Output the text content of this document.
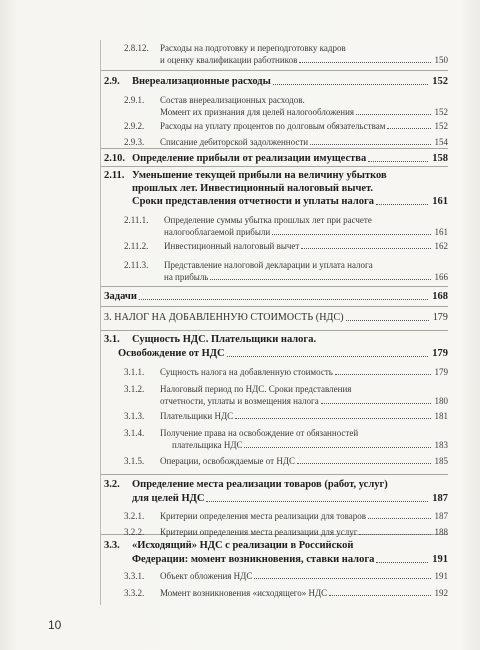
2.8.12.	Расходы на подготовку и переподготовку кадров
и оценку квалификации работников	150
2.9.	Внереализационные расходы	152
2.9.1.	Состав внереализационных расходов.
Момент их признания для целей налогообложения	152
2.9.2.	Расходы на уплату процентов по долговым обязательствам	152
2.9.3.	Списание дебиторской задолженности	154
2.10. Определение прибыли от реализации имущества	158
2.11. Уменьшение текущей прибыли на величину убытков
прошлых лет. Инвестиционный налоговый вычет.
Сроки представления отчетности и уплаты налога	161
2.11.1.	Определение суммы убытка прошлых лет при расчете
налогооблагаемой прибыли	161
2.11.2.	Инвестиционный налоговый вычет	162
2.11.3.	Представление налоговой декларации и уплата налога
на прибыль	166
Задачи	168
3. НАЛОГ НА ДОБАВЛЕННУЮ СТОИМОСТЬ (НДС)	179
3.1.	Сущность НДС. Плательщики налога.
Освобождение от НДС	179
3.1.1.	Сущность налога на добавленную стоимость	179
3.1.2.	Налоговый период по НДС. Сроки представления
отчетности, уплаты и возмещения налога	180
3.1.3.	Плательщики НДС	181
3.1.4.	Получение права на освобождение от обязанностей
плательщика НДС	183
3.1.5.	Операции, освобождаемые от НДС	185
3.2.	Определение места реализации товаров (работ, услуг)
для целей НДС	187
3.2.1.	Критерии определения места реализации для товаров	187
3.2.2.	Критерии определения места реализации для услуг	188
3.3.	«Исходящий» НДС с реализации в Российской
Федерации: момент возникновения, ставки налога	191
3.3.1.	Объект обложения НДС	191
3.3.2.	Момент возникновения «исходящего» НДС	192
10
